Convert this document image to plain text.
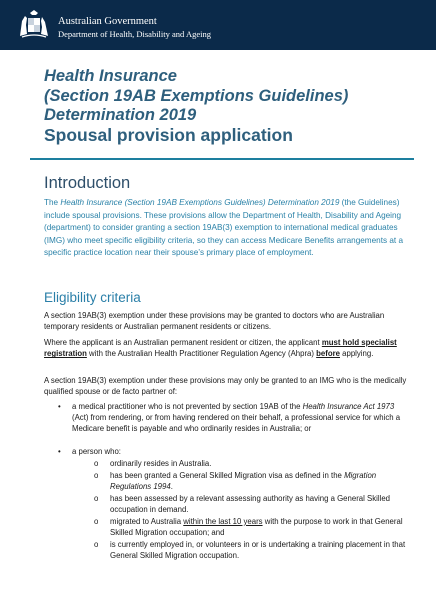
Australian Government
Department of Health, Disability and Ageing
Health Insurance
(Section 19AB Exemptions Guidelines)
Determination 2019
Spousal provision application
Introduction
The Health Insurance (Section 19AB Exemptions Guidelines) Determination 2019 (the Guidelines) include spousal provisions. These provisions allow the Department of Health, Disability and Ageing (department) to consider granting a section 19AB(3) exemption to international medical graduates (IMG) who meet specific eligibility criteria, so they can access Medicare Benefits arrangements at a specific practice location near their spouse’s primary place of employment.
Eligibility criteria
A section 19AB(3) exemption under these provisions may be granted to doctors who are Australian temporary residents or Australian permanent residents or citizens.
Where the applicant is an Australian permanent resident or citizen, the applicant must hold specialist registration with the Australian Health Practitioner Regulation Agency (Ahpra) before applying.
A section 19AB(3) exemption under these provisions may only be granted to an IMG who is the medically qualified spouse or de facto partner of:
• a medical practitioner who is not prevented by section 19AB of the Health Insurance Act 1973 (Act) from rendering, or from having rendered on their behalf, a professional service for which a Medicare benefit is payable and who ordinarily resides in Australia; or
• a person who:
o ordinarily resides in Australia.
o has been granted a General Skilled Migration visa as defined in the Migration Regulations 1994.
o has been assessed by a relevant assessing authority as having a General Skilled occupation in demand.
o migrated to Australia within the last 10 years with the purpose to work in that General Skilled Migration occupation; and
o is currently employed in, or volunteers in or is undertaking a training placement in that General Skilled Migration occupation.
